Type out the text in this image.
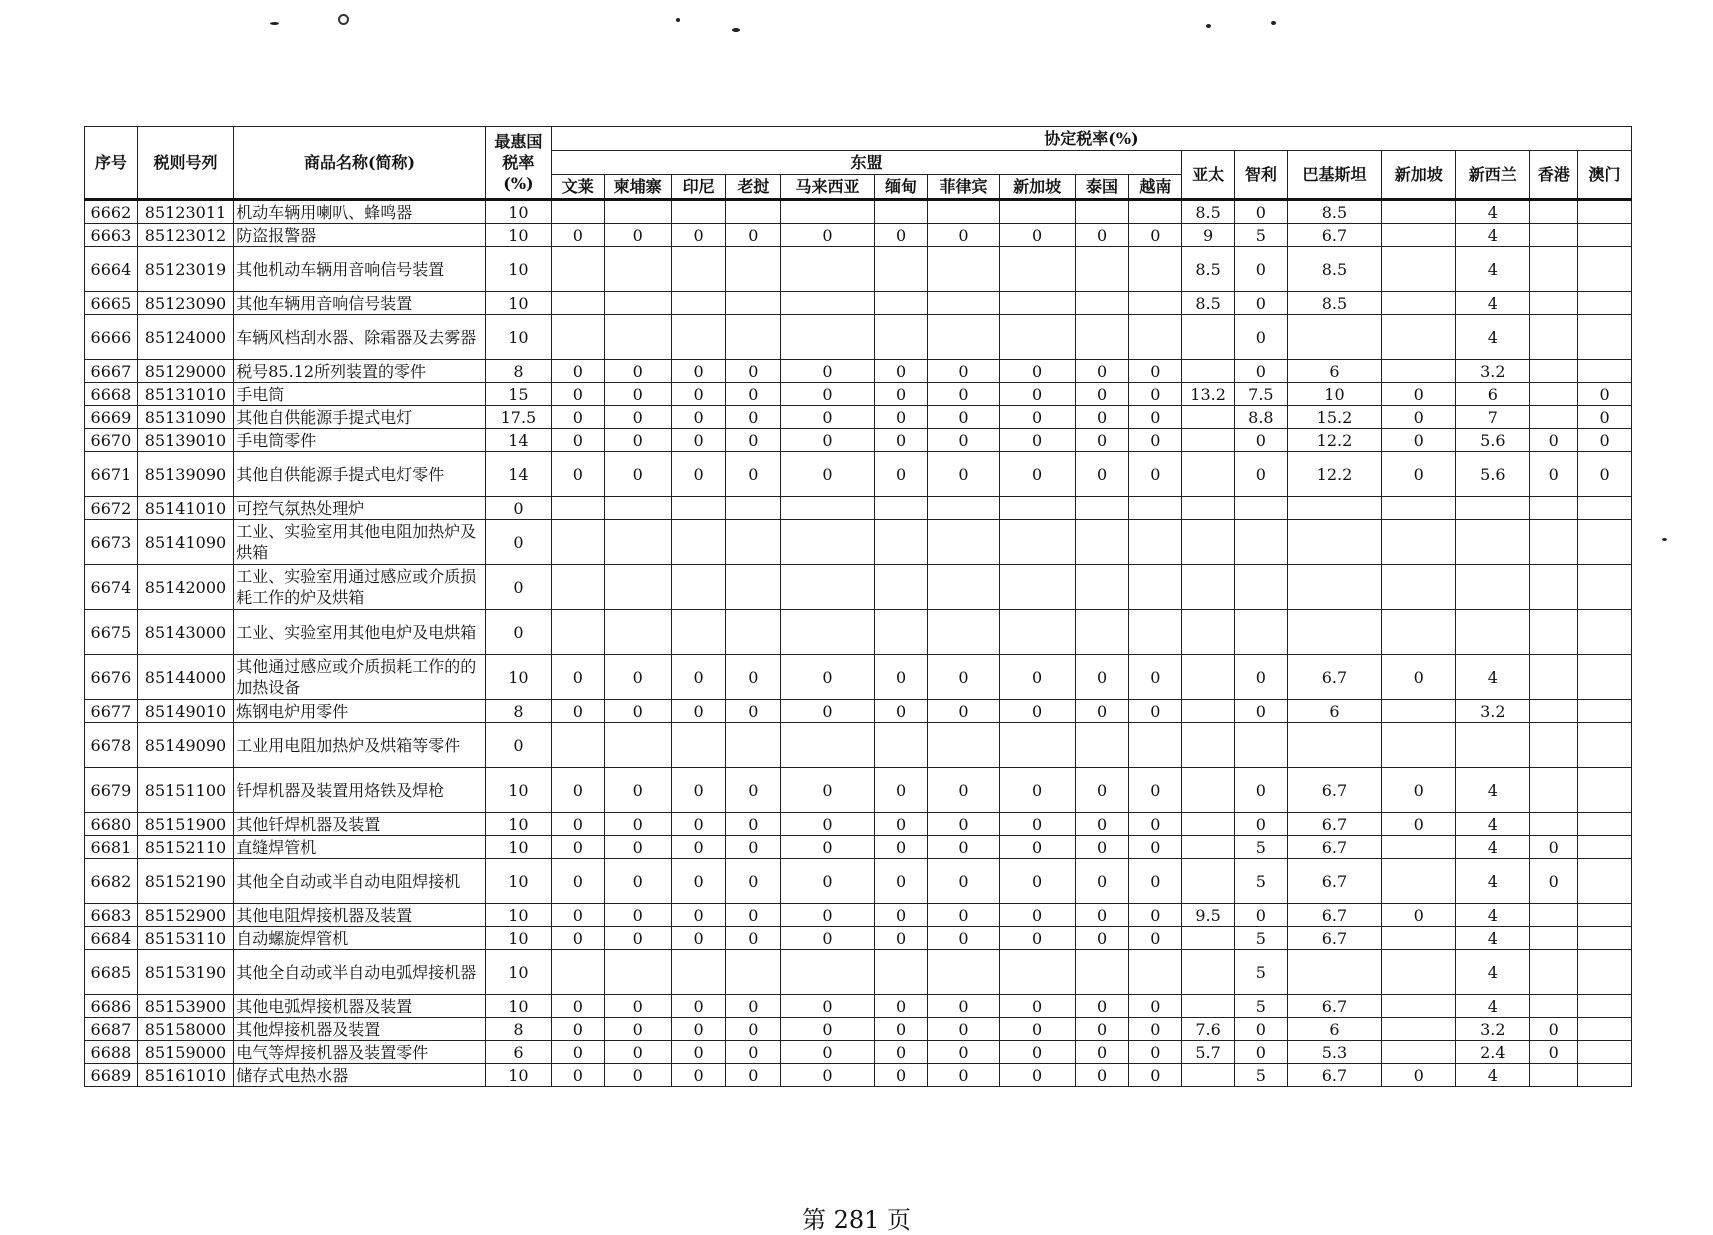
序号	税则号列	商品名称(简称)	最惠国税率(%)	协定税率(%)																
				东盟										亚太	智利	巴基斯坦	新加坡	新西兰	香港	澳门
				文莱	柬埔寨	印尼	老挝	马来西亚	缅甸	菲律宾	新加坡	泰国	越南							
6662	85123011	机动车辆用喇叭、蜂鸣器	10											8.5	0	8.5		4		
6663	85123012	防盗报警器	10	0	0	0	0	0	0	0	0	0	0	9	5	6.7		4		
6664	85123019	其他机动车辆用音响信号装置	10											8.5	0	8.5		4		
6665	85123090	其他车辆用音响信号装置	10											8.5	0	8.5		4		
6666	85124000	车辆风档刮水器、除霜器及去雾器	10												0			4		
6667	85129000	税号85.12所列装置的零件	8	0	0	0	0	0	0	0	0	0	0		0	6		3.2		
6668	85131010	手电筒	15	0	0	0	0	0	0	0	0	0	0	13.2	7.5	10	0	6		0
6669	85131090	其他自供能源手提式电灯	17.5	0	0	0	0	0	0	0	0	0	0		8.8	15.2	0	7		0
6670	85139010	手电筒零件	14	0	0	0	0	0	0	0	0	0	0		0	12.2	0	5.6	0	0
6671	85139090	其他自供能源手提式电灯零件	14	0	0	0	0	0	0	0	0	0	0		0	12.2	0	5.6	0	0
6672	85141010	可控气氛热处理炉	0																	
6673	85141090	工业、实验室用其他电阻加热炉及烘箱	0																	
6674	85142000	工业、实验室用通过感应或介质损耗工作的炉及烘箱	0																	
6675	85143000	工业、实验室用其他电炉及电烘箱	0																	
6676	85144000	其他通过感应或介质损耗工作的的加热设备	10	0	0	0	0	0	0	0	0	0	0		0	6.7	0	4		
6677	85149010	炼钢电炉用零件	8	0	0	0	0	0	0	0	0	0	0		0	6		3.2		
6678	85149090	工业用电阻加热炉及烘箱等零件	0																	
6679	85151100	钎焊机器及装置用烙铁及焊枪	10	0	0	0	0	0	0	0	0	0	0		0	6.7	0	4		
6680	85151900	其他钎焊机器及装置	10	0	0	0	0	0	0	0	0	0	0		0	6.7	0	4		
6681	85152110	直缝焊管机	10	0	0	0	0	0	0	0	0	0	0		5	6.7		4	0	
6682	85152190	其他全自动或半自动电阻焊接机	10	0	0	0	0	0	0	0	0	0	0		5	6.7		4	0	
6683	85152900	其他电阻焊接机器及装置	10	0	0	0	0	0	0	0	0	0	0	9.5	0	6.7	0	4		
6684	85153110	自动螺旋焊管机	10	0	0	0	0	0	0	0	0	0	0		5	6.7		4		
6685	85153190	其他全自动或半自动电弧焊接机器	10												5			4		
6686	85153900	其他电弧焊接机器及装置	10	0	0	0	0	0	0	0	0	0	0		5	6.7		4		
6687	85158000	其他焊接机器及装置	8	0	0	0	0	0	0	0	0	0	0	7.6	0	6		3.2	0	
6688	85159000	电气等焊接机器及装置零件	6	0	0	0	0	0	0	0	0	0	0	5.7	0	5.3		2.4	0	
6689	85161010	储存式电热水器	10	0	0	0	0	0	0	0	0	0	0		5	6.7	0	4		
第 281 页
